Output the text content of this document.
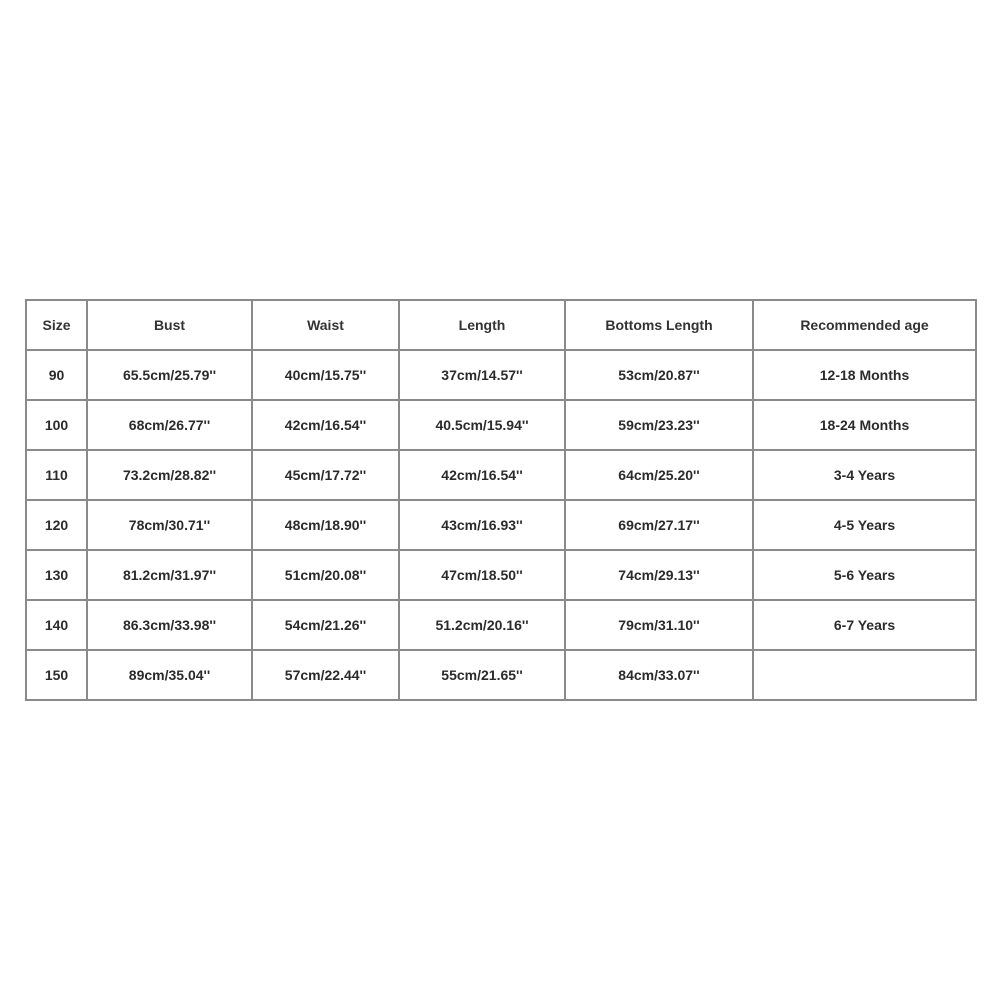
Size	Bust	Waist	Length	Bottoms Length	Recommended age
90	65.5cm/25.79''	40cm/15.75''	37cm/14.57''	53cm/20.87''	12-18 Months
100	68cm/26.77''	42cm/16.54''	40.5cm/15.94''	59cm/23.23''	18-24 Months
110	73.2cm/28.82''	45cm/17.72''	42cm/16.54''	64cm/25.20''	3-4 Years
120	78cm/30.71''	48cm/18.90''	43cm/16.93''	69cm/27.17''	4-5 Years
130	81.2cm/31.97''	51cm/20.08''	47cm/18.50''	74cm/29.13''	5-6 Years
140	86.3cm/33.98''	54cm/21.26''	51.2cm/20.16''	79cm/31.10''	6-7 Years
150	89cm/35.04''	57cm/22.44''	55cm/21.65''	84cm/33.07''	
